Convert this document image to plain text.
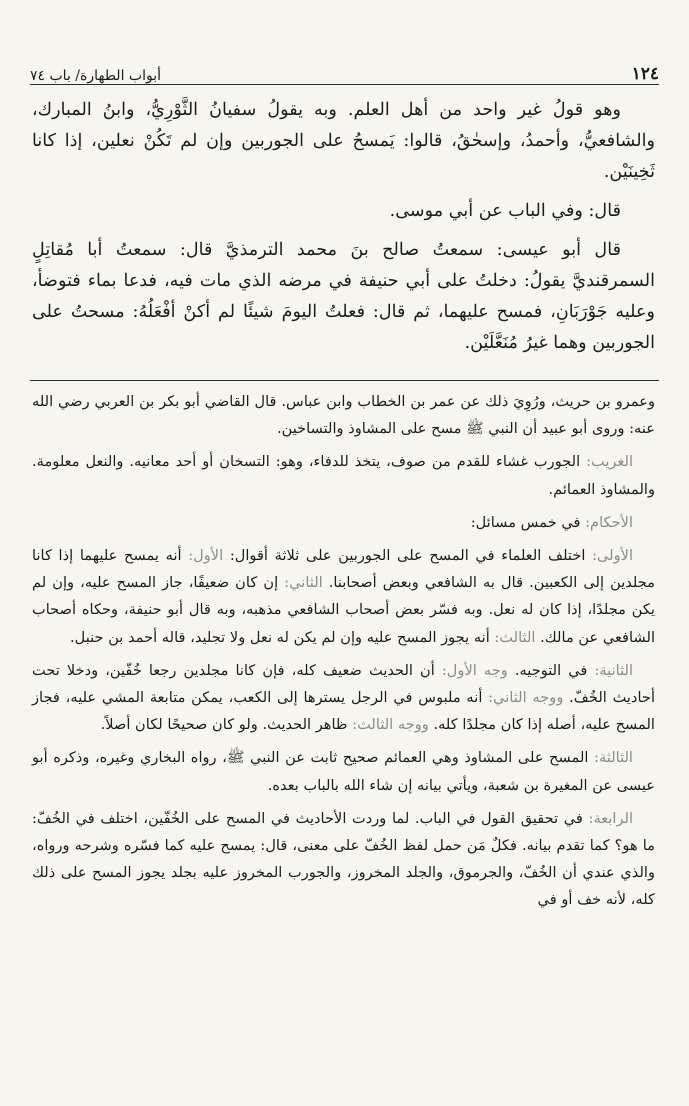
١٢٤
أبواب الطهارة/ باب ٧٤

وهو قولُ غير واحد من أهل العلم. وبه يقولُ سفيانُ الثَّوْرِيُّ، وابنُ المبارك، والشافعيُّ، وأحمدُ، وإسحٰقُ، قالوا: يَمسحُ على الجوربين وإن لم تَكُنْ نعلين، إذا كانا ثَخِينَيْن.

قال: وفي الباب عن أبي موسى.

قال أبو عيسى: سمعتُ صالح بنَ محمد الترمذيَّ قال: سمعتُ أبا مُقاتِلٍ السمرقنديَّ يقولُ: دخلتُ على أبي حنيفة في مرضه الذي مات فيه، فدعا بماء فتوضأ، وعليه جَوْرَبَانِ، فمسح عليهما، ثم قال: فعلتُ اليومَ شيئًا لم أكنْ أفْعَلُهُ: مسحتُ على الجوربين وهما غيرُ مُنَعَّلَيْن.

وعمرو بن حريث، ورُوِيَ ذلك عن عمر بن الخطاب وابن عباس. قال القاضي أبو بكر بن العربي رضي الله عنه: وروى أبو عبيد أن النبي ﷺ مسح على المشاوذ والتساخين.

الغريب: الجورب غشاء للقدم من صوف، يتخذ للدفاء، وهو: التسخان أو أحد معانيه. والنعل معلومة. والمشاوذ العمائم.

الأحكام: في خمس مسائل:

الأولى: اختلف العلماء في المسح على الجوربين على ثلاثة أقوال: الأول: أنه يمسح عليهما إذا كانا مجلدين إلى الكعبين. قال به الشافعي وبعض أصحابنا. الثاني: إن كان ضعيفًا، جاز المسح عليه، وإن لم يكن مجلدًا، إذا كان له نعل. وبه فسّر بعض أصحاب الشافعي مذهبه، وبه قال أبو حنيفة، وحكاه أصحاب الشافعي عن مالك. الثالث: أنه يجوز المسح عليه وإن لم يكن له نعل ولا تجليد، قاله أحمد بن حنبل.

الثانية: في التوجيه. وجه الأول: أن الحديث ضعيف كله، فإن كانا مجلدين رجعا خُفّين، ودخلا تحت أحاديث الخُفّ. ووجه الثاني: أنه ملبوس في الرجل يسترها إلى الكعب، يمكن متابعة المشي عليه، فجاز المسح عليه، أصله إذا كان مجلدًا كله. ووجه الثالث: ظاهر الحديث. ولو كان صحيحًا لكان أصلاً.

الثالثة: المسح على المشاوذ وهي العمائم صحيح ثابت عن النبي ﷺ، رواه البخاري وغيره، وذكره أبو عيسى عن المغيرة بن شعبة، ويأتي بيانه إن شاء الله بالباب بعده.

الرابعة: في تحقيق القول في الباب. لما وردت الأحاديث في المسح على الخُفّين، اختلف في الخُفّ: ما هو؟ كما تقدم بيانه. فكلٌ مَن حمل لفظ الخُفّ على معنى، قال: يمسح عليه كما فسّره وشرحه ورواه، والذي عندي أن الخُفّ، والجرموق، والجلد المخروز، والجورب المخروز عليه بجلد يجوز المسح على ذلك كله، لأنه خف أو في
